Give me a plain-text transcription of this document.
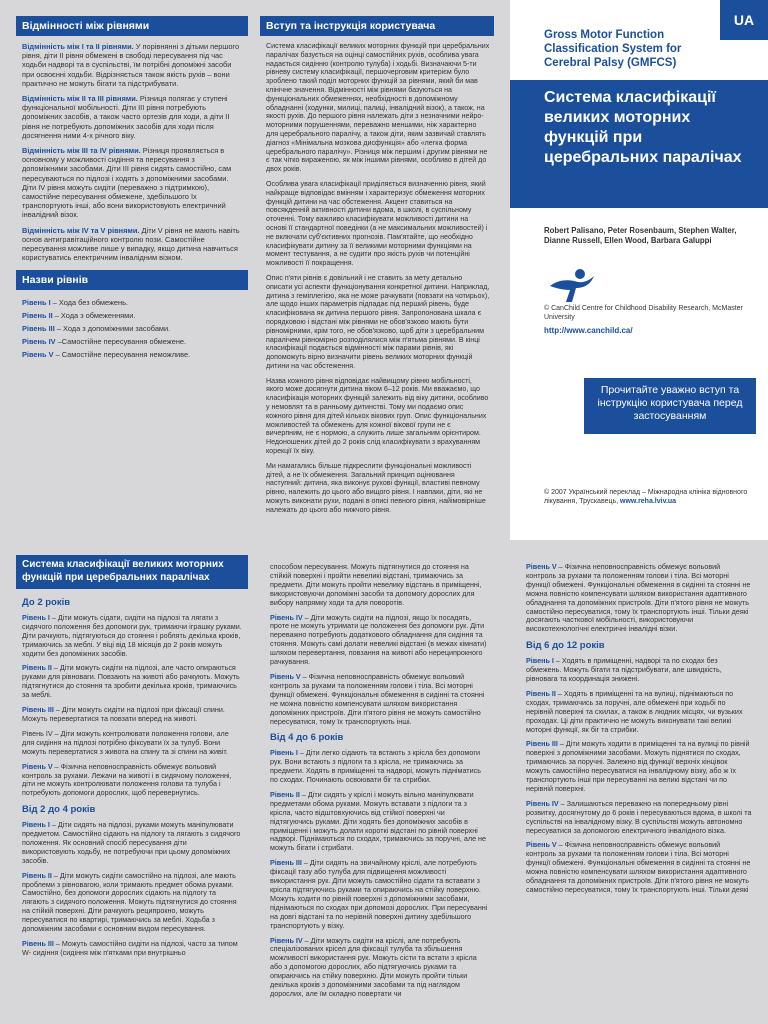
Відмінності між рівнями

Відмінність між І та ІІ рівнями. У порівнянні з дітьми першого рівня, діти ІІ рівня обмежені в свободі пересування під час ходьби надворі та в суспільстві, їм потрібні допоміжні засоби при освоєнні ходьби. Відрізняється також якість рухів – вони практично не можуть бігати та підстрибувати.

Відмінність між ІІ та ІІІ рівнями. Різниця полягає у ступені функціональної мобільності. Діти ІІІ рівня потребують допоміжних засобів, а також часто ортезів для ходи, а діти ІІ рівня не потребують допоміжних засобів для ходи після досягнення ними 4-х річного віку.

Відмінність між ІІІ та IV рівнями. Різниця проявляється в основному у можливості сидіння та пересування з допоміжними засобами. Діти ІІІ рівня сидять самостійно, сам пересуваються по підлозі і ходять з допоміжними засобами. Діти IV рівня можуть сидіти (переважно з підтримкою), самостійне пересування обмежене, здебільшого їх транспортують інші, або вони використовують електричний інвалідний візок.

Відмінність між IV та V рівнями. Діти V рівня не мають навіть основ антигравітаційного контролю пози. Самостійне пересування можливе лише у випадку, якщо дитина навчиться користуватись електричним інвалідним візком.

Назви рівнів
Рівень І – Хода без обмежень.
Рівень ІІ – Хода з обмеженнями.
Рівень ІІІ – Хода з допоміжними засобами.
Рівень IV –Самостійне пересування обмежене.
Рівень V – Самостійне пересування неможливе.
Вступ та інструкція користувача

Система класифікації великих моторних функцій при церебральних паралічах базується на оцінці самостійних рухів, особлива увага надається сидінню (контролю тулуба) і ходьбі. Визначаючи 5-ти рівневу систему класифікації, першочерговим критерієм було зроблено такий поділ моторних функцій за рівнями, який би мав клінічне значення. Відмінності між рівнями базуються на функціональних обмеженнях, необхідності в допоміжному обладнанні (ходунки, милиці, палиці, інвалідний візок), а також, на якості рухів. До першого рівня належать діти з незначними нейро-моторними порушеннями, переважно меншими, ніж характерно для церебрального паралічу, а також діти, яким зазвичай ставлять діагноз «Мінімальна мозкова дисфункція» або «легка форма церебрального паралічу». Різниця між першим і другим рівнями не є так чітко вираженою, як між іншими рівнями, особливо в дітей до двох років.

Особлива увага класифікації приділяється визначенню рівня, який найкраще відповідає вмінням і характеризує обмеження моторних функцій дитини на час обстеження. Акцент ставиться на повсякденній активності дитини вдома, в школі, в суспільному оточенні. Тому важливо класифікувати можливості дитини на основі її стандартної поведінки (а не максимальних можливостей) і не включати суб'єктивних прогнозів. Пам'ятайте, що необхідно класифікувати дитину за її великими моторними функціями на момент тестування, а не судити про якість рухів чи потенційні можливості її покращення.

Опис п'яти рівнів є довільний і не ставить за мету детально описати усі аспекти функціонування конкретної дитини. Наприклад, дитина з геміплегією, яка не може рачкувати (повзати на чотирьох), але щодо інших параметрів підпадає під перший рівень, буде класифікована як дитина першого рівня. Запропонована шкала є порядковою і відстані між рівнями не обов'язково мають бути рівномірними, крім того, не обов'язково, щоб діти з церебральним паралічем рівномірно розподілялися між п'ятьма рівнями. В кінці класифікації подається відмінності між парами рівнів, які допоможуть вірно визначити рівень великих моторних функцій дитини на час обстеження.

Назва кожного рівня відповідає найвищому рівню мобільності, якого може досягнути дитина віком 6–12 років. Ми вважаємо, що класифікація моторних функцій залежить від віку дитини, особливо у немовлят та в ранньому дитинстві. Тому ми подаємо опис кожного рівня для дітей кількох вікових груп. Опис функціональних можливостей та обмежень для кожної вікової групи не є вичерпним, не є нормою, а служить лише загальним орієнтиром. Недоношених дітей до 2 років слід класифікувати з врахуванням корекції їх віку.

Ми намагались більше підкреслити функціональні можливості дітей, а не їх обмеження. Загальний принцип оцінювання наступний: дитина, яка виконує рухові функції, властиві певному рівню, належить до цього або вищого рівня. І навпаки, діти, які не можуть виконати рухи, подані в описі певного рівня, найімовірніше належать до цього або нижчого рівня.

UA
Gross Motor Function Classification System for Cerebral Palsy (GMFCS)
Система класифікації великих моторних функцій при церебральних паралічах
Robert Palisano, Peter Rosenbaum, Stephen Walter, Dianne Russell, Ellen Wood, Barbara Galuppi
© CanChild Centre for Childhood Disability Research, McMaster University
http://www.canchild.ca/
Прочитайте уважно вступ та інструкцію користувача перед застосуванням
© 2007 Український переклад – Міжнародна клініка відновного лікування, Трускавець, www.reha.lviv.ua
Система класифікації великих моторних функцій при церебральних паралічах
До 2 років

Рівень І – Діти можуть сідати, сидіти на підлозі та лягати з сидячого положення без допомоги рук, тримаючи іграшку руками. Діти рачкують, підтягуються до стояння і роблять декілька кроків, тримаючись за меблі. У віці від 18 місяців до 2 років можуть ходити без допоміжних засобів.

Рівень ІІ – Діти можуть сидіти на підлозі, але часто опираються руками для рівноваги. Повзають на животі або рачкують. Можуть підтягнутися до стояння та зробити декілька кроків, тримаючись за меблі.

Рівень ІІІ – Діти можуть сидіти на підлозі при фіксації спини. Можуть перевертатися та повзати вперед на животі.

Рівень IV – Діти можуть контролювати положення голови, але для сидіння на підлозі потрібно фіксувати їх за тулуб. Вони можуть перевертатися з живота на спину та зі спини на живіт.

Рівень V – Фізична неповносправність обмежує вольовий контроль за рухами. Лежачи на животі і в сидячому положенні, діти не можуть контролювати положення голови та тулуба і потребують допомоги дорослих, щоб перевернутись.

Від 2 до 4 років

Рівень І – Діти сидять на підлозі, руками можуть маніпулювати предметом. Самостійно сідають на підлогу та лягають з сидячого положення. Як основний спосіб пересування діти використовують ходьбу, не потребуючи при цьому допоміжних засобів.

Рівень ІІ – Діти можуть сидіти самостійно на підлозі, але мають проблеми з рівновагою, коли тримають предмет обома руками. Самостійно, без допомоги дорослих сідають на підлогу та лягають з сидячого положення. Можуть підтягнутися до стояння на стійкій поверхні. Діти рачкують реципрокно, можуть пересуватися по квартирі, тримаючись за меблі. Ходьба з допоміжним засобами є основним видом пересування.

Рівень ІІІ – Можуть самостійно сидіти на підлозі, часто за типом W- сидіння (сидіння між п'ятками при внутрішньо

способом пересування. Можуть підтягнутися до стояння на стійкій поверхні і пройти невеликі відстані, тримаючись за предмети. Діти можуть пройти невелику відстань в приміщенні, використовуючи допоміжні засоби та допомогу дорослих для вибору напрямку ходи та для поворотів.

Рівень IV – Діти можуть сидіти на підлозі, якщо їх посадять, проте не можуть утримати це положення без допомоги рук. Діти переважно потребують додаткового обладнання для сидіння та стояння. Можуть самі долати невеликі відстані (в межах кімнати) шляхом перевертання, повзання на животі або нереципрокного рачкування.

Рівень V – Фізична неповносправність обмежує вольовий контроль за рухами та положенням голови і тіла. Всі моторні функції обмежені. Функціональні обмеження в сидінні та стоянні не можна повністю компенсувати шляхом використання допоміжних пристроїв. Діти п'ятого рівня не можуть самостійно пересуватися, тому їх транспортують інші.

Від 4 до 6 років

Рівень І – Діти легко сідають та встають з крісла без допомоги рук. Вони встають з підлоги та з крісла, не тримаючись за предмети. Ходять в приміщенні та надворі, можуть підніматись по сходах. Починають освоювати біг та стрибки.

Рівень ІІ – Діти сидять у кріслі і можуть вільно маніпулювати предметами обома руками. Можуть вставати з підлоги та з крісла, часто відштовхуючись від стійкої поверхні чи підтягуючись руками. Діти ходять без допоміжних засобів в приміщенні і можуть долати короткі відстані по рівній поверхні надворі. Піднімаються по сходах, тримаючись за поручні, але не можуть бігати і стрибати.

Рівень ІІІ – Діти сидять на звичайному кріслі, але потребують фіксації тазу або тулуба для підвищення можливості використання рук. Діти можуть самостійно сідати та вставати з крісла підтягуючись руками та опираючись на стійку поверхню. Можуть ходити по рівній поверхні з допоміжними засобами, піднімаються по сходах при допомозі дорослих. При пересуванні на довгі відстані та по нерівній поверхні дитину здебільшого транспортують у візку.

Рівень IV – Діти можуть сидіти на кріслі, але потребують спеціалізованих крісел для фіксації тулуба та збільшення можливості використання рук. Можуть сісти та встати з крісла або з допомогою дорослих, або підтягуючись руками та опираючись на стійку поверхню. Діти можуть пройти тільки декілька кроків з допоміжними засобами та під наглядом дорослих, але їм складно повертати чи

Рівень V – Фізична неповносправність обмежує вольовий контроль за рухами та положенням голови і тіла. Всі моторні функції обмежені. Функціональні обмеження в сидінні та стоянні не можна повністю компенсувати шляхом використання адаптивного обладнання та допоміжних пристроїв. Діти п'ятого рівня не можуть самостійно пересуватися, тому їх транспортують інші. Тільки деякі досягають часткової мобільності, використовуючи високотехнологічні електричні інвалідні візки.

Від 6 до 12 років

Рівень І – Ходять в приміщенні, надворі та по сходах без обмежень. Можуть бігати та підстрибувати, але швидкість, рівновага та координація знижені.

Рівень ІІ – Ходять в приміщенні та на вулиці, піднімаються по сходах, тримаючись за поручні, але обмежені при ходьбі по нерівній поверхні та схилах, а також в людних місцях, чи вузьких проходах. Ці діти практично не можуть виконувати такі великі моторні функції, як біг та стрибки.

Рівень ІІІ – Діти можуть ходити в приміщенні та на вулиці по рівній поверхні з допоміжними засобами. Можуть піднятися по сходах, тримаючись за поручні. Залежно від функції верхніх кінцівок можуть самостійно пересуватися на інвалідному візку, або ж їх транспортують інші при пересуванні на великі відстані чи по нерівній поверхні.

Рівень IV – Залишаються переважно на попередньому рівні розвитку, досягнутому до 6 років і пересуваються вдома, в школі та суспільстві на інвалідному візку. В суспільстві можуть автономно пересуватися за допомогою електричного інвалідного візка.

Рівень V – Фізична неповносправність обмежує вольовий контроль за рухами та положенням голови і тіла. Всі моторні функції обмежені. Функціональні обмеження в сидінні та стоянні не можна повністю компенсувати шляхом використання адаптивного обладнання та допоміжних пристроїв. Діти п'ятого рівня не можуть самостійно пересуватися, тому їх транспортують інші. Тільки деякі
